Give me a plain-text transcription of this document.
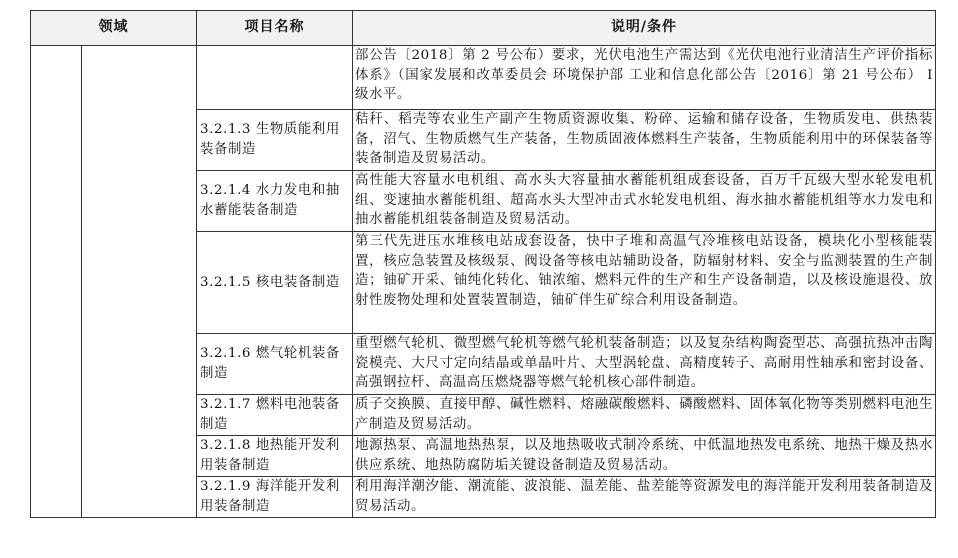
领域		项目名称	说明/条件
			部公告〔2018〕第 2 号公布）要求，光伏电池生产需达到《光伏电池行业清洁生产评价指标体系》（国家发展和改革委员会 环境保护部 工业和信息化部公告〔2016〕第 21 号公布） I 级水平。
		3.2.1.3 生物质能利用装备制造	秸秆、稻壳等农业生产副产生物质资源收集、粉碎、运输和储存设备，生物质发电、供热装备，沼气、生物质燃气生产装备，生物质固液体燃料生产装备，生物质能利用中的环保装备等装备制造及贸易活动。
		3.2.1.4 水力发电和抽水蓄能装备制造	高性能大容量水电机组、高水头大容量抽水蓄能机组成套设备，百万千瓦级大型水轮发电机组、变速抽水蓄能机组、超高水头大型冲击式水轮发电机组、海水抽水蓄能机组等水力发电和抽水蓄能机组装备制造及贸易活动。
		3.2.1.5 核电装备制造	第三代先进压水堆核电站成套设备，快中子堆和高温气冷堆核电站设备，模块化小型核能装置，核应急装置及核级泵、阀设备等核电站辅助设备，防辐射材料、安全与监测装置的生产制造；铀矿开采、铀纯化转化、铀浓缩、燃料元件的生产和生产设备制造，以及核设施退役、放射性废物处理和处置装置制造，铀矿伴生矿综合利用设备制造。
		3.2.1.6 燃气轮机装备制造	重型燃气轮机、微型燃气轮机等燃气轮机装备制造；以及复杂结构陶瓷型芯、高强抗热冲击陶瓷模壳、大尺寸定向结晶或单晶叶片、大型涡轮盘、高精度转子、高耐用性轴承和密封设备、高强钢拉杆、高温高压燃烧器等燃气轮机核心部件制造。
		3.2.1.7 燃料电池装备制造	质子交换膜、直接甲醇、碱性燃料、熔融碳酸燃料、磷酸燃料、固体氧化物等类别燃料电池生产制造及贸易活动。
		3.2.1.8 地热能开发利用装备制造	地源热泵、高温地热热泵，以及地热吸收式制冷系统、中低温地热发电系统、地热干燥及热水供应系统、地热防腐防垢关键设备制造及贸易活动。
		3.2.1.9 海洋能开发利用装备制造	利用海洋潮汐能、潮流能、波浪能、温差能、盐差能等资源发电的海洋能开发利用装备制造及贸易活动。
